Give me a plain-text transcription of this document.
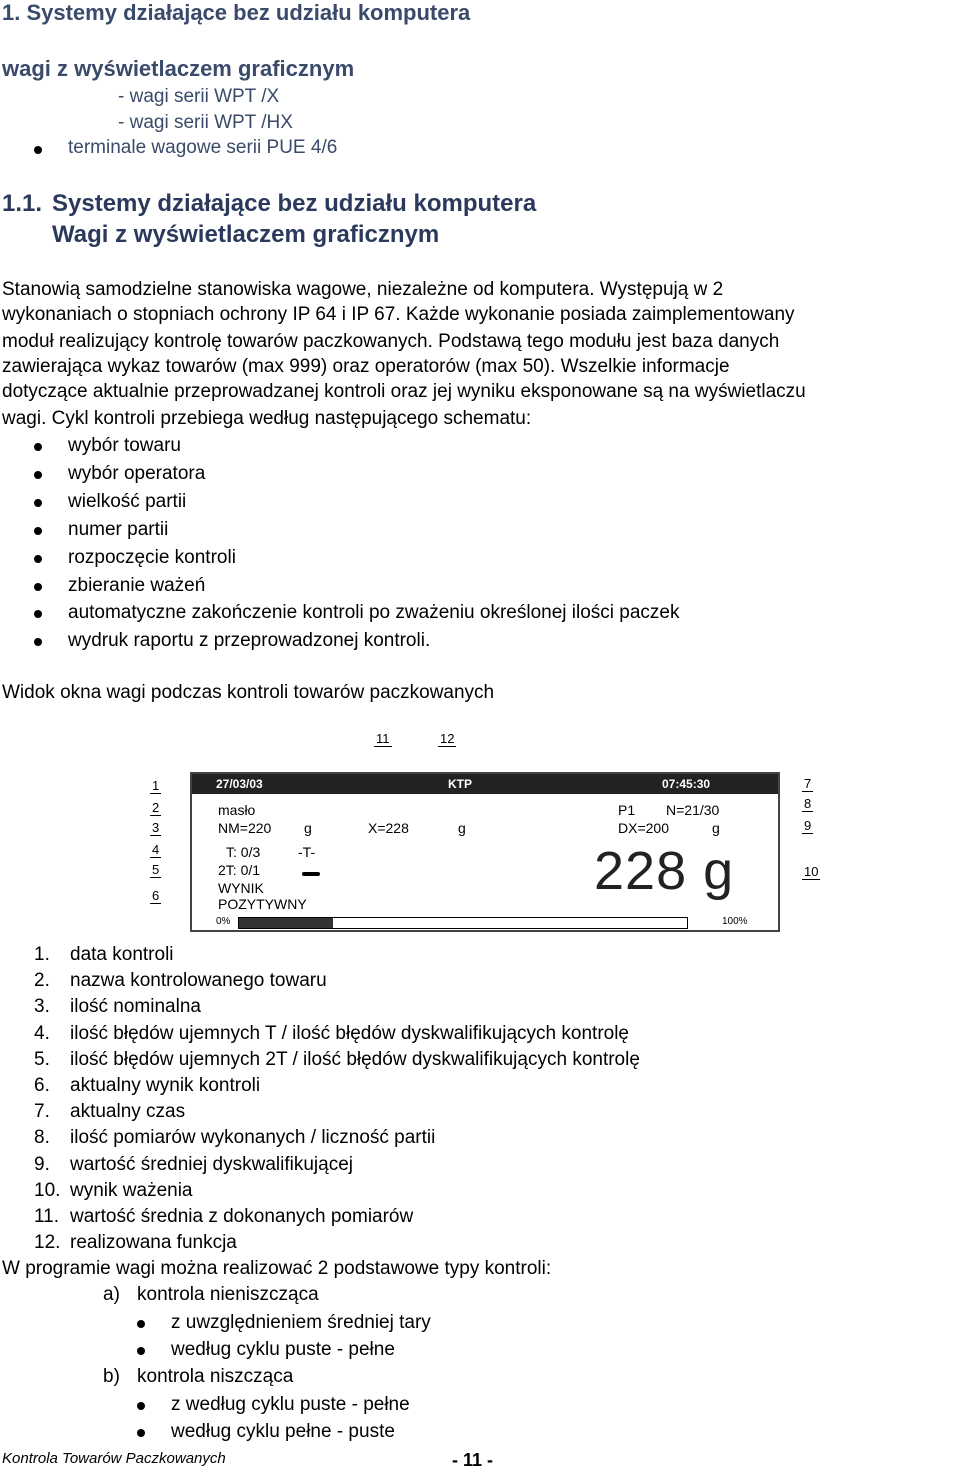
1. Systemy działające bez udziału komputera
wagi z wyświetlaczem graficznym
- wagi serii WPT /X
- wagi serii WPT /HX
terminale wagowe serii PUE 4/6
1.1. Systemy działające bez udziału komputera
Wagi z wyświetlaczem graficznym
Stanowią samodzielne stanowiska wagowe, niezależne od komputera. Występują w 2
wykonaniach o stopniach ochrony IP 64 i IP 67. Każde wykonanie posiada zaimplementowany
moduł realizujący kontrolę towarów paczkowanych. Podstawą tego modułu jest baza danych
zawierająca wykaz towarów (max 999) oraz operatorów (max 50). Wszelkie informacje
dotyczące aktualnie przeprowadzanej kontroli oraz jej wyniku eksponowane są na wyświetlaczu
wagi. Cykl kontroli przebiega według następującego schematu:
wybór towaru
wybór operatora
wielkość partii
numer partii
rozpoczęcie kontroli
zbieranie ważeń
automatyczne zakończenie kontroli po zważeniu określonej ilości paczek
wydruk raportu z przeprowadzonej kontroli.
Widok okna wagi podczas kontroli towarów paczkowanych
11	12
1
2
3
4
5
6
7
8
9
10
27/03/03	KTP	07:45:30
masło
NM=220 g	X=228	g
P1 N=21/30
DX=200	g
T: 0/3	-T-
2T: 0/1
WYNIK
POZYTYWNY
228 g
0%	100%
1. data kontroli
2. nazwa kontrolowanego towaru
3. ilość nominalna
4. ilość błędów ujemnych T / ilość błędów dyskwalifikujących kontrolę
5. ilość błędów ujemnych 2T / ilość błędów dyskwalifikujących kontrolę
6. aktualny wynik kontroli
7. aktualny czas
8. ilość pomiarów wykonanych / liczność partii
9. wartość średniej dyskwalifikującej
10. wynik ważenia
11. wartość średnia z dokonanych pomiarów
12. realizowana funkcja
W programie wagi można realizować 2 podstawowe typy kontroli:
a) kontrola nieniszcząca
z uwzględnieniem średniej tary
według cyklu puste - pełne
b) kontrola niszcząca
z według cyklu puste - pełne
według cyklu pełne - puste
Kontrola Towarów Paczkowanych	- 11 -
